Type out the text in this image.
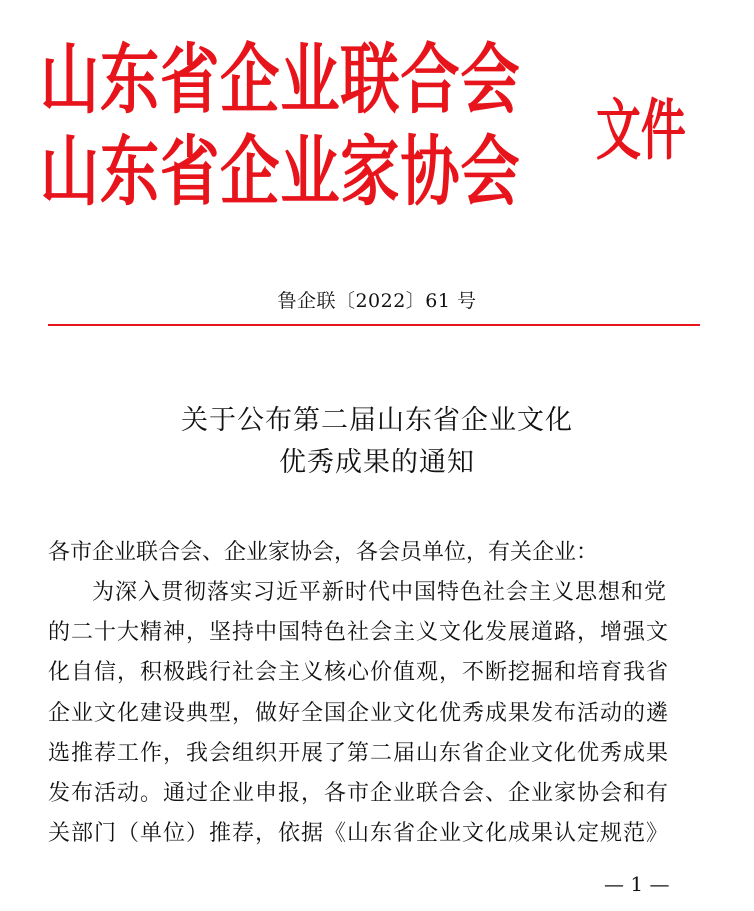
山东省企业联合会
山东省企业家协会 文件
鲁企联〔2022〕61 号
关于公布第二届山东省企业文化
优秀成果的通知
各市企业联合会、企业家协会，各会员单位，有关企业：
为深入贯彻落实习近平新时代中国特色社会主义思想和党
的二十大精神，坚持中国特色社会主义文化发展道路，增强文
化自信，积极践行社会主义核心价值观，不断挖掘和培育我省
企业文化建设典型，做好全国企业文化优秀成果发布活动的遴
选推荐工作，我会组织开展了第二届山东省企业文化优秀成果
发布活动。通过企业申报，各市企业联合会、企业家协会和有
关部门（单位）推荐，依据《山东省企业文化成果认定规范》
— 1 —
